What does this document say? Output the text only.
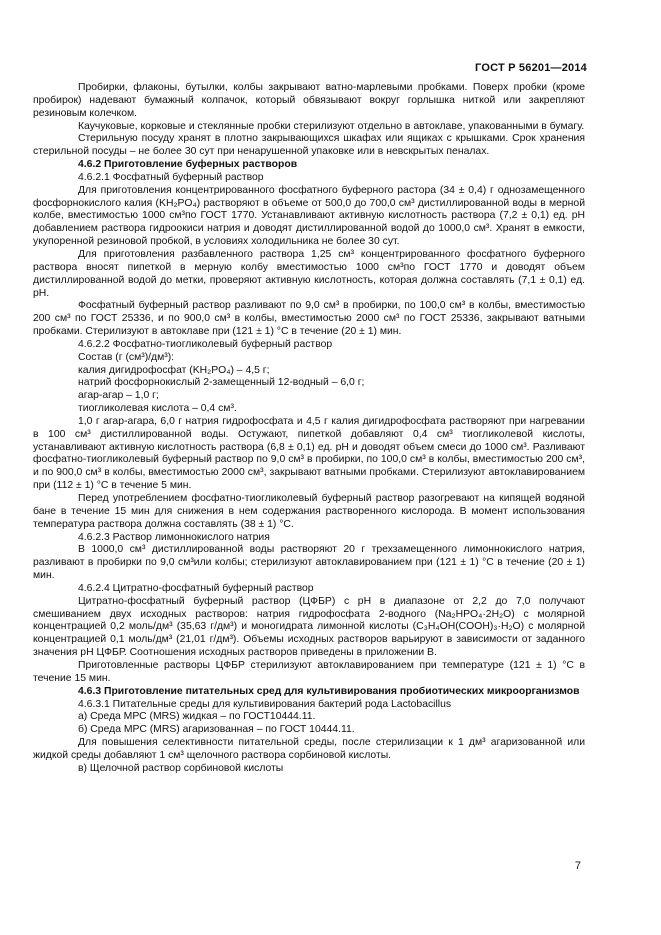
ГОСТ Р 56201—2014

Пробирки, флаконы, бутылки, колбы закрывают ватно-марлевыми пробками. Поверх пробки (кроме пробирок) надевают бумажный колпачок, который обвязывают вокруг горлышка ниткой или закрепляют резиновым колечком.

Каучуковые, корковые и стеклянные пробки стерилизуют отдельно в автоклаве, упакованными в бумагу.

Стерильную посуду хранят в плотно закрывающихся шкафах или ящиках с крышками. Срок хранения стерильной посуды – не более 30 сут при ненарушенной упаковке или в невскрытых пеналах.

4.6.2 Приготовление буферных растворов

4.6.2.1 Фосфатный буферный раствор

Для приготовления концентрированного фосфатного буферного растора (34 ± 0,4) г однозамещенного фосфорнокислого калия (KH₂PO₄) растворяют в объеме от 500,0 до 700,0 см³ дистиллированной воды в мерной колбе, вместимостью 1000 см³по ГОСТ 1770. Устанавливают активную кислотность раствора (7,2 ± 0,1) ед. pH добавлением раствора гидроокиси натрия и доводят дистиллированной водой до 1000,0 см³. Хранят в емкости, укупоренной резиновой пробкой, в условиях холодильника не более 30 сут.

Для приготовления разбавленного раствора 1,25 см³ концентрированного фосфатного буферного раствора вносят пипеткой в мерную колбу вместимостью 1000 см³по ГОСТ 1770 и доводят объем дистиллированной водой до метки, проверяют активную кислотность, которая должна составлять (7,1 ± 0,1) ед. pH.

Фосфатный буферный раствор разливают по 9,0 см³ в пробирки, по 100,0 см³ в колбы, вместимостью 200 см³ по ГОСТ 25336, и по 900,0 см³ в колбы, вместимостью 2000 см³ по ГОСТ 25336, закрывают ватными пробками. Стерилизуют в автоклаве при (121 ± 1) °С в течение (20 ± 1) мин.

4.6.2.2 Фосфатно-тиогликолевый буферный раствор

Состав (г (см³)/дм³):

калия дигидрофосфат (KH₂PO₄) – 4,5 г;

натрий фосфорнокислый 2-замещенный 12-водный – 6,0 г;

агар-агар – 1,0 г;

тиогликолевая кислота – 0,4 см³.

1,0 г агар-агара, 6,0 г натрия гидрофосфата и 4,5 г калия дигидрофосфата растворяют при нагревании в 100 см³ дистиллированной воды. Остужают, пипеткой добавляют 0,4 см³ тиогликолевой кислоты, устанавливают активную кислотность раствора (6,8 ± 0,1) ед. pH и доводят объем смеси до 1000 см³. Разливают фосфатно-тиогликолевый буферный раствор по 9,0 см³ в пробирки, по 100,0 см³ в колбы, вместимостью 200 см³, и по 900,0 см³ в колбы, вместимостью 2000 см³, закрывают ватными пробками. Стерилизуют автоклавированием при (112 ± 1) °С в течение 5 мин.

Перед употреблением фосфатно-тиогликолевый буферный раствор разогревают на кипящей водяной бане в течение 15 мин для снижения в нем содержания растворенного кислорода. В момент использования температура раствора должна составлять (38 ± 1) °С.

4.6.2.3 Раствор лимоннокислого натрия

В 1000,0 см³ дистиллированной воды растворяют 20 г трехзамещенного лимоннокислого натрия, разливают в пробирки по 9,0 см³или колбы; стерилизуют автоклавированием при (121 ± 1) °С в течение (20 ± 1) мин.

4.6.2.4 Цитратно-фосфатный буферный раствор

Цитратно-фосфатный буферный раствор (ЦФБР) с рН в диапазоне от 2,2 до 7,0 получают смешиванием двух исходных растворов: натрия гидрофосфата 2-водного (Na₂HPO₄·2H₂O) с молярной концентрацией 0,2 моль/дм³ (35,63 г/дм³) и моногидрата лимонной кислоты (C₃H₄OH(COOH)₃·H₂O) с молярной концентрацией 0,1 моль/дм³ (21,01 г/дм³). Объемы исходных растворов варьируют в зависимости от заданного значения pH ЦФБР. Соотношения исходных растворов приведены в приложении В.

Приготовленные растворы ЦФБР стерилизуют автоклавированием при температуре (121 ± 1) °С в течение 15 мин.

4.6.3 Приготовление питательных сред для культивирования пробиотических микроорганизмов

4.6.3.1 Питательные среды для культивирования бактерий рода Lactobacillus

а) Среда МРС (MRS) жидкая – по ГОСТ10444.11.

б) Среда МРС (MRS) агаризованная – по ГОСТ 10444.11.

Для повышения селективности питательной среды, после стерилизации к 1 дм³ агаризованной или жидкой среды добавляют 1 см³ щелочного раствора сорбиновой кислоты.

в) Щелочной раствор сорбиновой кислоты

7
